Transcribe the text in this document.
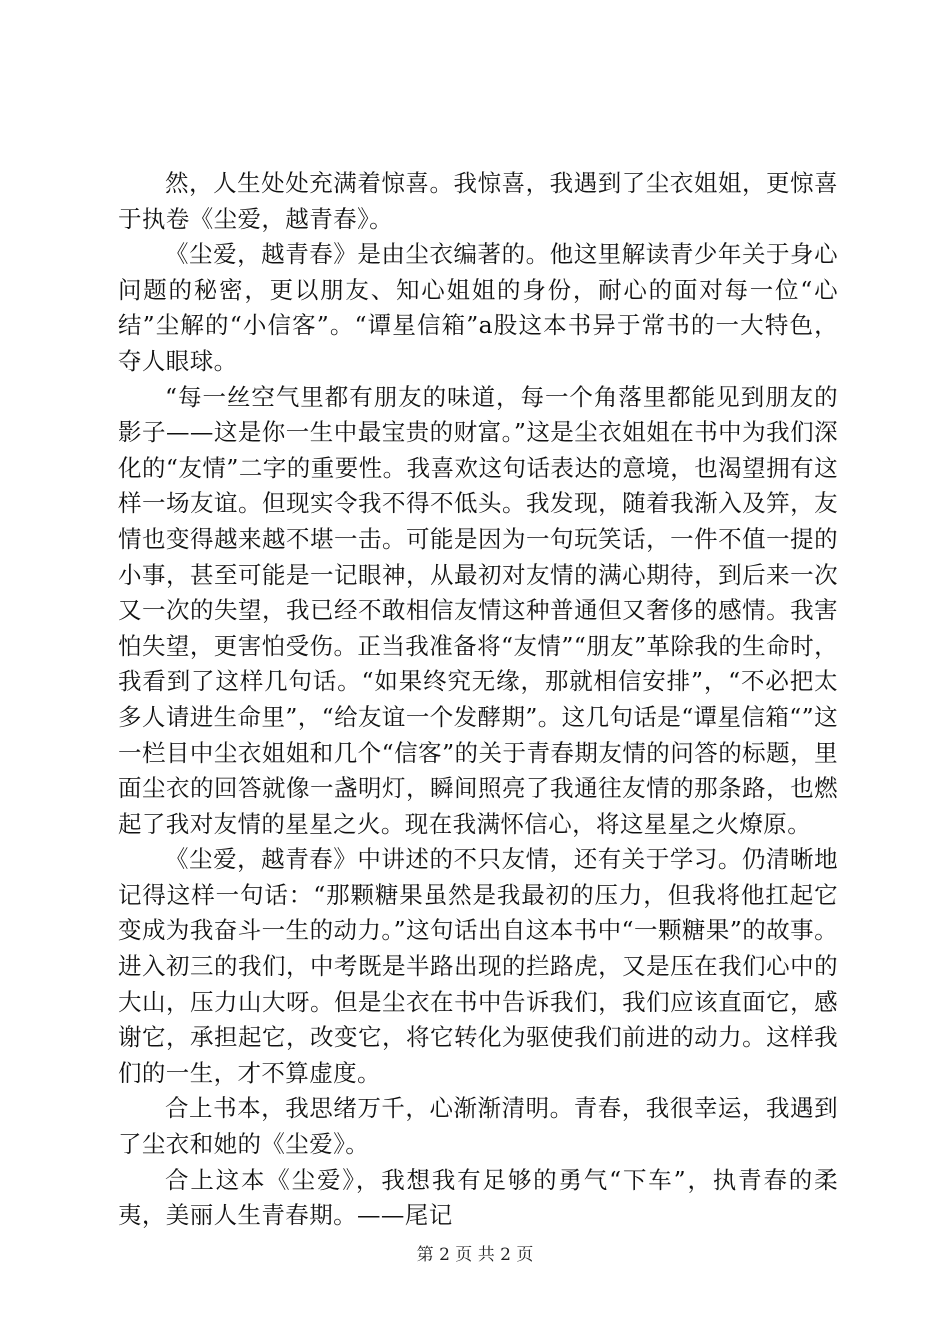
然，人生处处充满着惊喜。我惊喜，我遇到了尘衣姐姐，更惊喜于执卷《尘爱，越青春》。

《尘爱，越青春》是由尘衣编著的。他这里解读青少年关于身心问题的秘密，更以朋友、知心姐姐的身份，耐心的面对每一位“心结”尘解的“小信客”。“谭星信箱”a股这本书异于常书的一大特色，夺人眼球。

“每一丝空气里都有朋友的味道，每一个角落里都能见到朋友的影子——这是你一生中最宝贵的财富。”这是尘衣姐姐在书中为我们深化的“友情”二字的重要性。我喜欢这句话表达的意境，也渴望拥有这样一场友谊。但现实令我不得不低头。我发现，随着我渐入及笄，友情也变得越来越不堪一击。可能是因为一句玩笑话，一件不值一提的小事，甚至可能是一记眼神，从最初对友情的满心期待，到后来一次又一次的失望，我已经不敢相信友情这种普通但又奢侈的感情。我害怕失望，更害怕受伤。正当我准备将“友情”“朋友”革除我的生命时，我看到了这样几句话。“如果终究无缘，那就相信安排”，“不必把太多人请进生命里”，“给友谊一个发酵期”。这几句话是“谭星信箱“”这一栏目中尘衣姐姐和几个“信客”的关于青春期友情的问答的标题，里面尘衣的回答就像一盏明灯，瞬间照亮了我通往友情的那条路，也燃起了我对友情的星星之火。现在我满怀信心，将这星星之火燎原。

《尘爱，越青春》中讲述的不只友情，还有关于学习。仍清晰地记得这样一句话：“那颗糖果虽然是我最初的压力，但我将他扛起它变成为我奋斗一生的动力。”这句话出自这本书中“一颗糖果”的故事。进入初三的我们，中考既是半路出现的拦路虎，又是压在我们心中的大山，压力山大呀。但是尘衣在书中告诉我们，我们应该直面它，感谢它，承担起它，改变它，将它转化为驱使我们前进的动力。这样我们的一生，才不算虚度。

合上书本，我思绪万千，心渐渐清明。青春，我很幸运，我遇到了尘衣和她的《尘爱》。

合上这本《尘爱》，我想我有足够的勇气“下车”，执青春的柔夷，美丽人生青春期。——尾记

第 2 页 共 2 页
